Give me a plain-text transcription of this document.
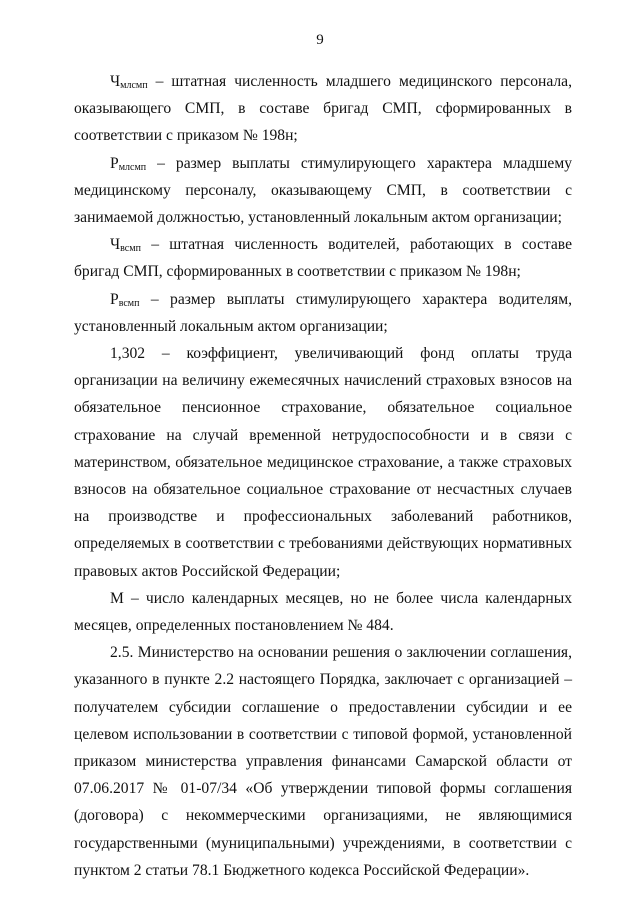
9

$Ч_{млсмп}$ – штатная численность младшего медицинского персонала, оказывающего СМП, в составе бригад СМП, сформированных в соответствии с приказом № 198н;

$Р_{млсмп}$ – размер выплаты стимулирующего характера младшему медицинскому персоналу, оказывающему СМП, в соответствии с занимаемой должностью, установленный локальным актом организации;

$Ч_{всмп}$ – штатная численность водителей, работающих в составе бригад СМП, сформированных в соответствии с приказом № 198н;

$Р_{всмп}$ – размер выплаты стимулирующего характера водителям, установленный локальным актом организации;

1,302 – коэффициент, увеличивающий фонд оплаты труда организации на величину ежемесячных начислений страховых взносов на обязательное пенсионное страхование, обязательное социальное страхование на случай временной нетрудоспособности и в связи с материнством, обязательное медицинское страхование, а также страховых взносов на обязательное социальное страхование от несчастных случаев на производстве и профессиональных заболеваний работников, определяемых в соответствии с требованиями действующих нормативных правовых актов Российской Федерации;

М – число календарных месяцев, но не более числа календарных месяцев, определенных постановлением № 484.

2.5. Министерство на основании решения о заключении соглашения, указанного в пункте 2.2 настоящего Порядка, заключает с организацией – получателем субсидии соглашение о предоставлении субсидии и ее целевом использовании в соответствии с типовой формой, установленной приказом министерства управления финансами Самарской области от 07.06.2017 № 01-07/34 «Об утверждении типовой формы соглашения (договора) с некоммерческими организациями, не являющимися государственными (муниципальными) учреждениями, в соответствии с пунктом 2 статьи 78.1 Бюджетного кодекса Российской Федерации».
